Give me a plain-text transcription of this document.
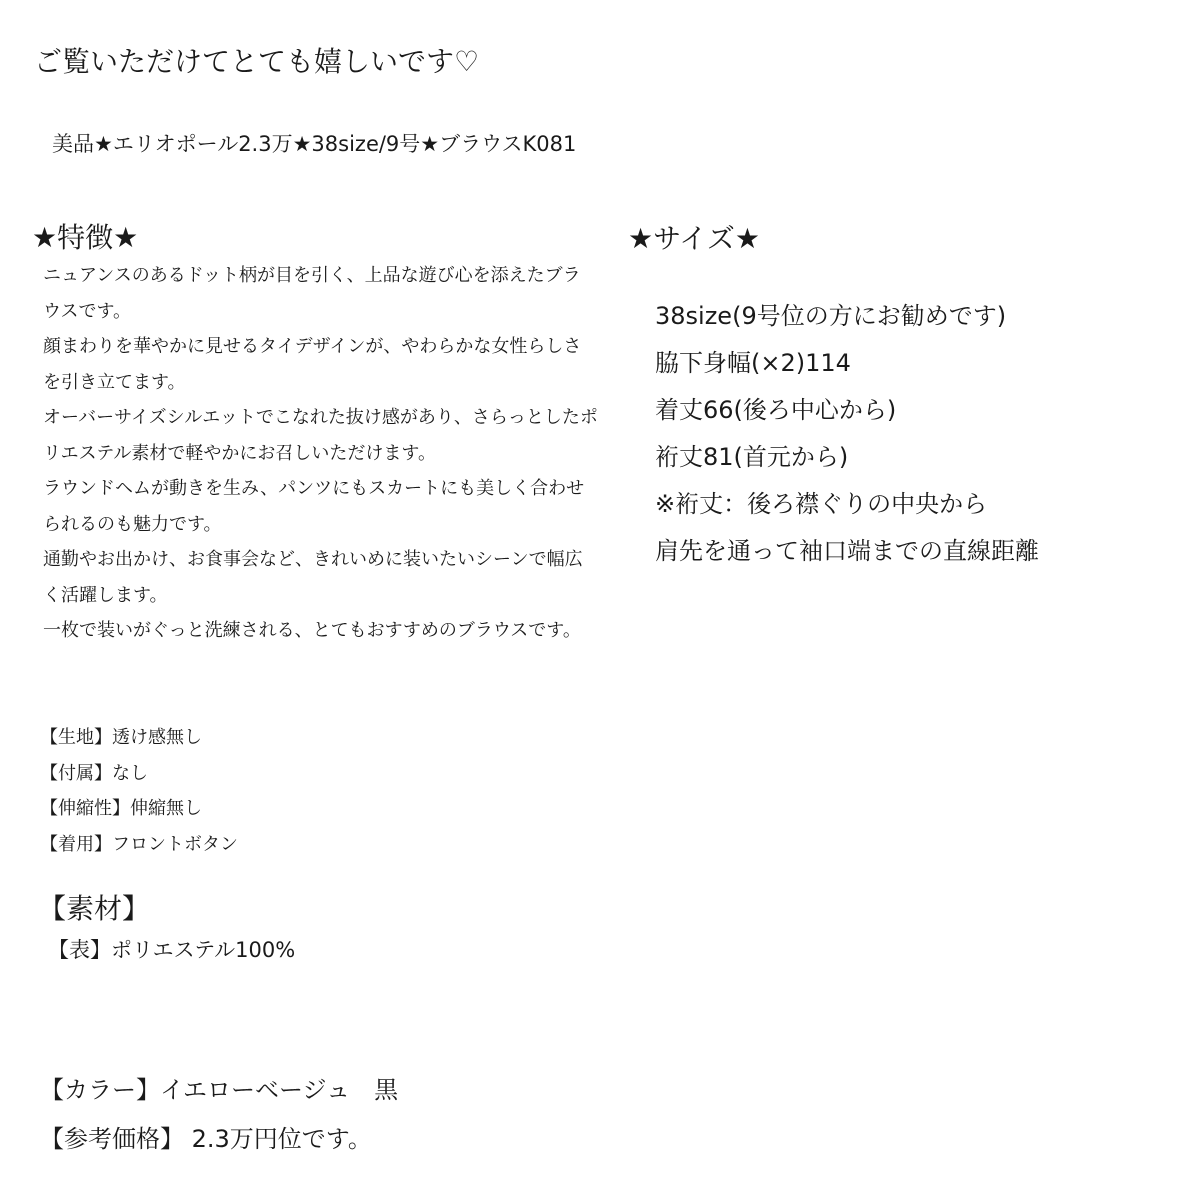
ご覧いただけてとても嬉しいです♡
美品★エリオポール2.3万★38size/9号★ブラウスK081
★特徴★

ニュアンスのあるドット柄が目を引く、上品な遊び心を添えたブラウスです。

顔まわりを華やかに見せるタイデザインが、やわらかな女性らしさを引き立てます。

オーバーサイズシルエットでこなれた抜け感があり、さらっとしたポリエステル素材で軽やかにお召しいただけます。

ラウンドヘムが動きを生み、パンツにもスカートにも美しく合わせられるのも魅力です。

通勤やお出かけ、お食事会など、きれいめに装いたいシーンで幅広く活躍します。

一枚で装いがぐっと洗練される、とてもおすすめのブラウスです。

【生地】透け感無し
【付属】なし
【伸縮性】伸縮無し
【着用】フロントボタン
【素材】
【表】ポリエステル100%
【カラー】イエローベージュ　黒
【参考価格】 2.3万円位です。
★サイズ★
38size(9号位の方にお勧めです)
脇下身幅(×2)114
着丈66(後ろ中心から)
裄丈81(首元から)
※裄丈：後ろ襟ぐりの中央から
肩先を通って袖口端までの直線距離
